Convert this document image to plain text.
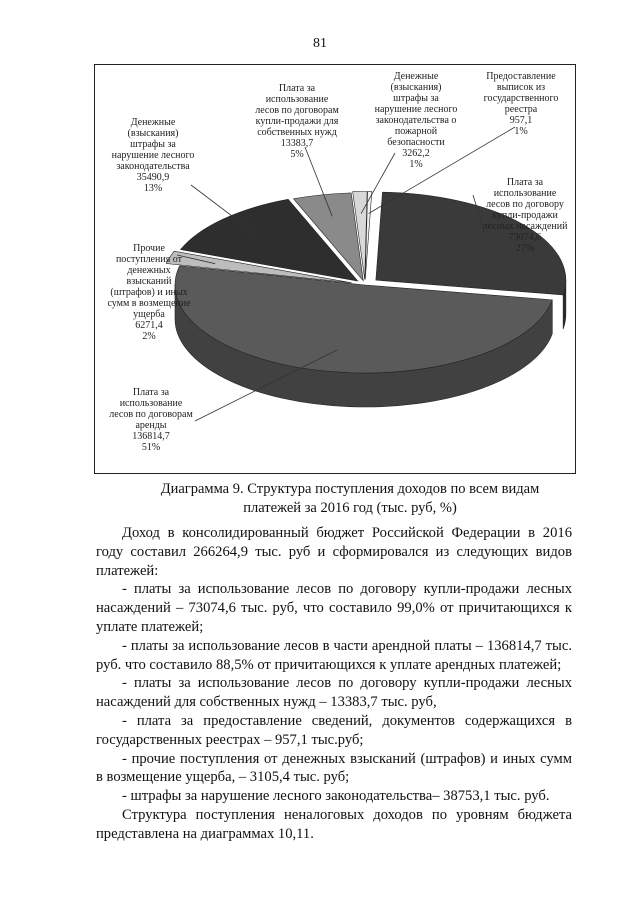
81
Плата за
использование
лесов по договору
купли-продажи
лесных насаждений
73074,6
27%
Плата за
использование
лесов по договорам
аренды
136814,7
51%
Прочие
поступления от
денежных
взысканий
(штрафов) и иных
сумм в возмещение
ущерба
6271,4
2%
Денежные
(взыскания)
штрафы за
нарушение лесного
законодательства
35490,9
13%
Плата за
использование
лесов по договорам
купли-продажи для
собственных нужд
13383,7
5%
Денежные
(взыскания)
штрафы за
нарушение лесного
законодательства о
пожарной
безопасности
3262,2
1%
Предоставление
выписок из
государственного
реестра
957,1
1%
Диаграмма 9. Структура поступления доходов по всем видам
платежей за 2016 год (тыс. руб, %)

Доход в консолидированный бюджет Российской Федерации в 2016 году составил 266264,9 тыс. руб и сформировался из следующих видов платежей:

- платы за использование лесов по договору купли-продажи лесных насаждений – 73074,6 тыс. руб, что составило 99,0% от причитающихся к уплате платежей;

- платы за использование лесов в части арендной платы – 136814,7 тыс. руб. что составило 88,5% от причитающихся к уплате арендных платежей;

- платы за использование лесов по договору купли-продажи лесных насаждений для собственных нужд – 13383,7 тыс. руб,

- плата за предоставление сведений, документов содержащихся в государственных реестрах – 957,1 тыс.руб;

- прочие поступления от денежных взысканий (штрафов) и иных сумм в возмещение ущерба, – 3105,4 тыс. руб;

- штрафы за нарушение лесного законодательства– 38753,1 тыс. руб.

Структура поступления неналоговых доходов по уровням бюджета представлена на диаграммах 10,11.
